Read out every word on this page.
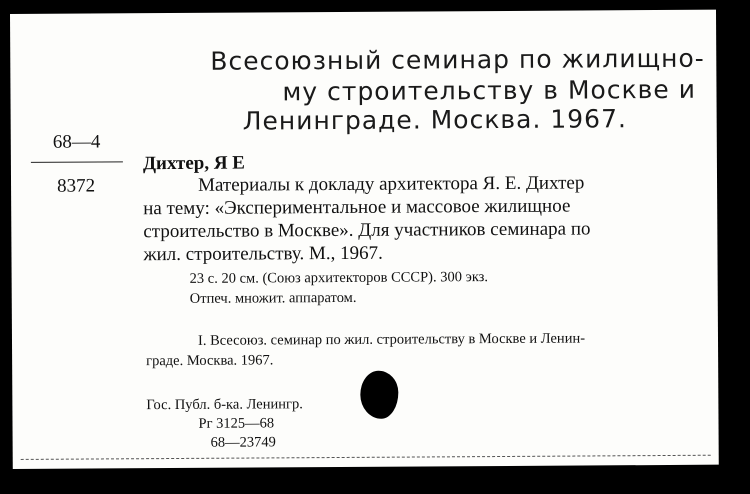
Всесоюзный семинар по жилищно-
му строительству в Москве и
Ленинграде. Москва. 1967.
68—4
8372
Дихтер, Я Е
Материалы к докладу архитектора Я. Е. Дихтер
на тему: «Экспериментальное и массовое жилищное
строительство в Москве». Для участников семинара по
жил. строительству. М., 1967.
23 с. 20 см. (Союз архитекторов СССР). 300 экз.
Отпеч. множит. аппаратом.
I. Всесоюз. семинар по жил. строительству в Москве и Ленин-
граде. Москва. 1967.
Гос. Публ. б-ка. Ленингр.
Рг 3125—68
68—23749
